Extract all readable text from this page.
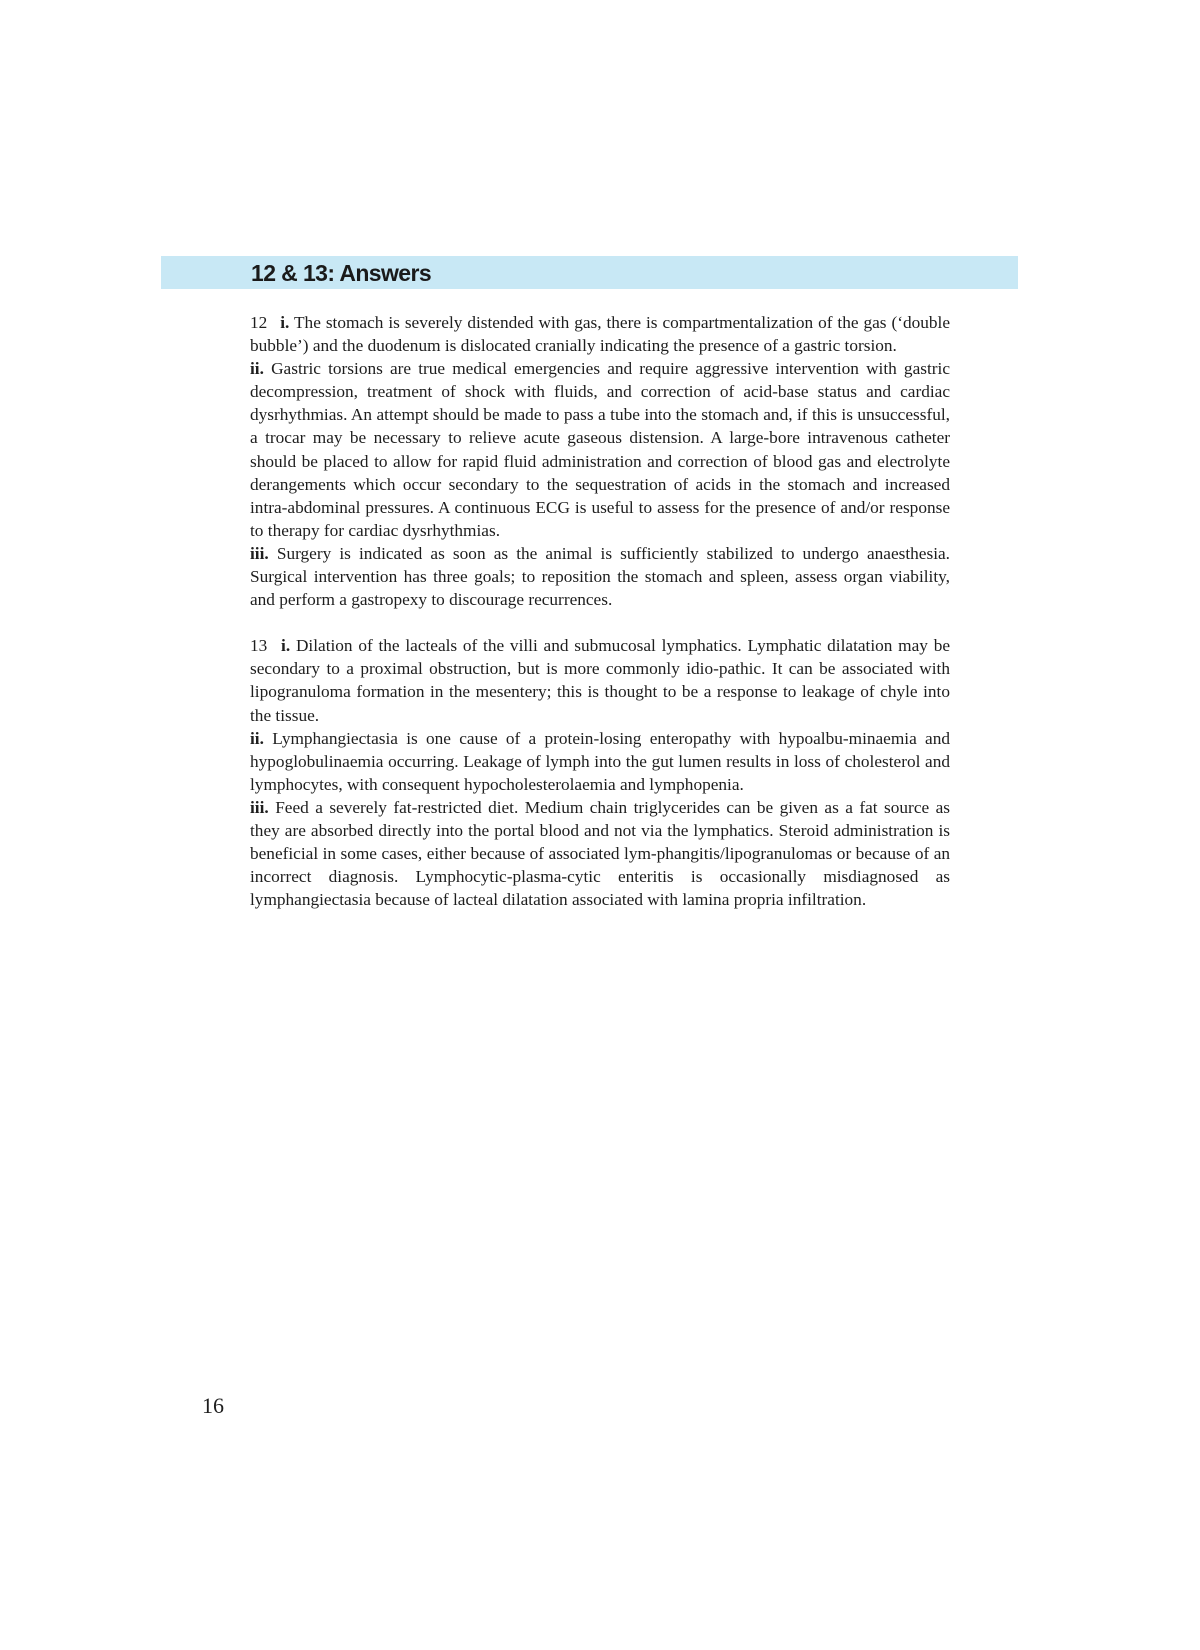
12 & 13: Answers

12 i. The stomach is severely distended with gas, there is compartmentalization of the gas (‘double bubble’) and the duodenum is dislocated cranially indicating the presence of a gastric torsion.

ii. Gastric torsions are true medical emergencies and require aggressive intervention with gastric decompression, treatment of shock with fluids, and correction of acid-base status and cardiac dysrhythmias. An attempt should be made to pass a tube into the stomach and, if this is unsuccessful, a trocar may be necessary to relieve acute gaseous distension. A large-bore intravenous catheter should be placed to allow for rapid fluid administration and correction of blood gas and electrolyte derangements which occur secondary to the sequestration of acids in the stomach and increased intra-abdominal pressures. A continuous ECG is useful to assess for the presence of and/or response to therapy for cardiac dysrhythmias.

iii. Surgery is indicated as soon as the animal is sufficiently stabilized to undergo anaesthesia. Surgical intervention has three goals; to reposition the stomach and spleen, assess organ viability, and perform a gastropexy to discourage recurrences.

13 i. Dilation of the lacteals of the villi and submucosal lymphatics. Lymphatic dilatation may be secondary to a proximal obstruction, but is more commonly idio-pathic. It can be associated with lipogranuloma formation in the mesentery; this is thought to be a response to leakage of chyle into the tissue.

ii. Lymphangiectasia is one cause of a protein-losing enteropathy with hypoalbu-minaemia and hypoglobulinaemia occurring. Leakage of lymph into the gut lumen results in loss of cholesterol and lymphocytes, with consequent hypocholesterolaemia and lymphopenia.

iii. Feed a severely fat-restricted diet. Medium chain triglycerides can be given as a fat source as they are absorbed directly into the portal blood and not via the lymphatics. Steroid administration is beneficial in some cases, either because of associated lym-phangitis/lipogranulomas or because of an incorrect diagnosis. Lymphocytic-plasma-cytic enteritis is occasionally misdiagnosed as lymphangiectasia because of lacteal dilatation associated with lamina propria infiltration.

16
